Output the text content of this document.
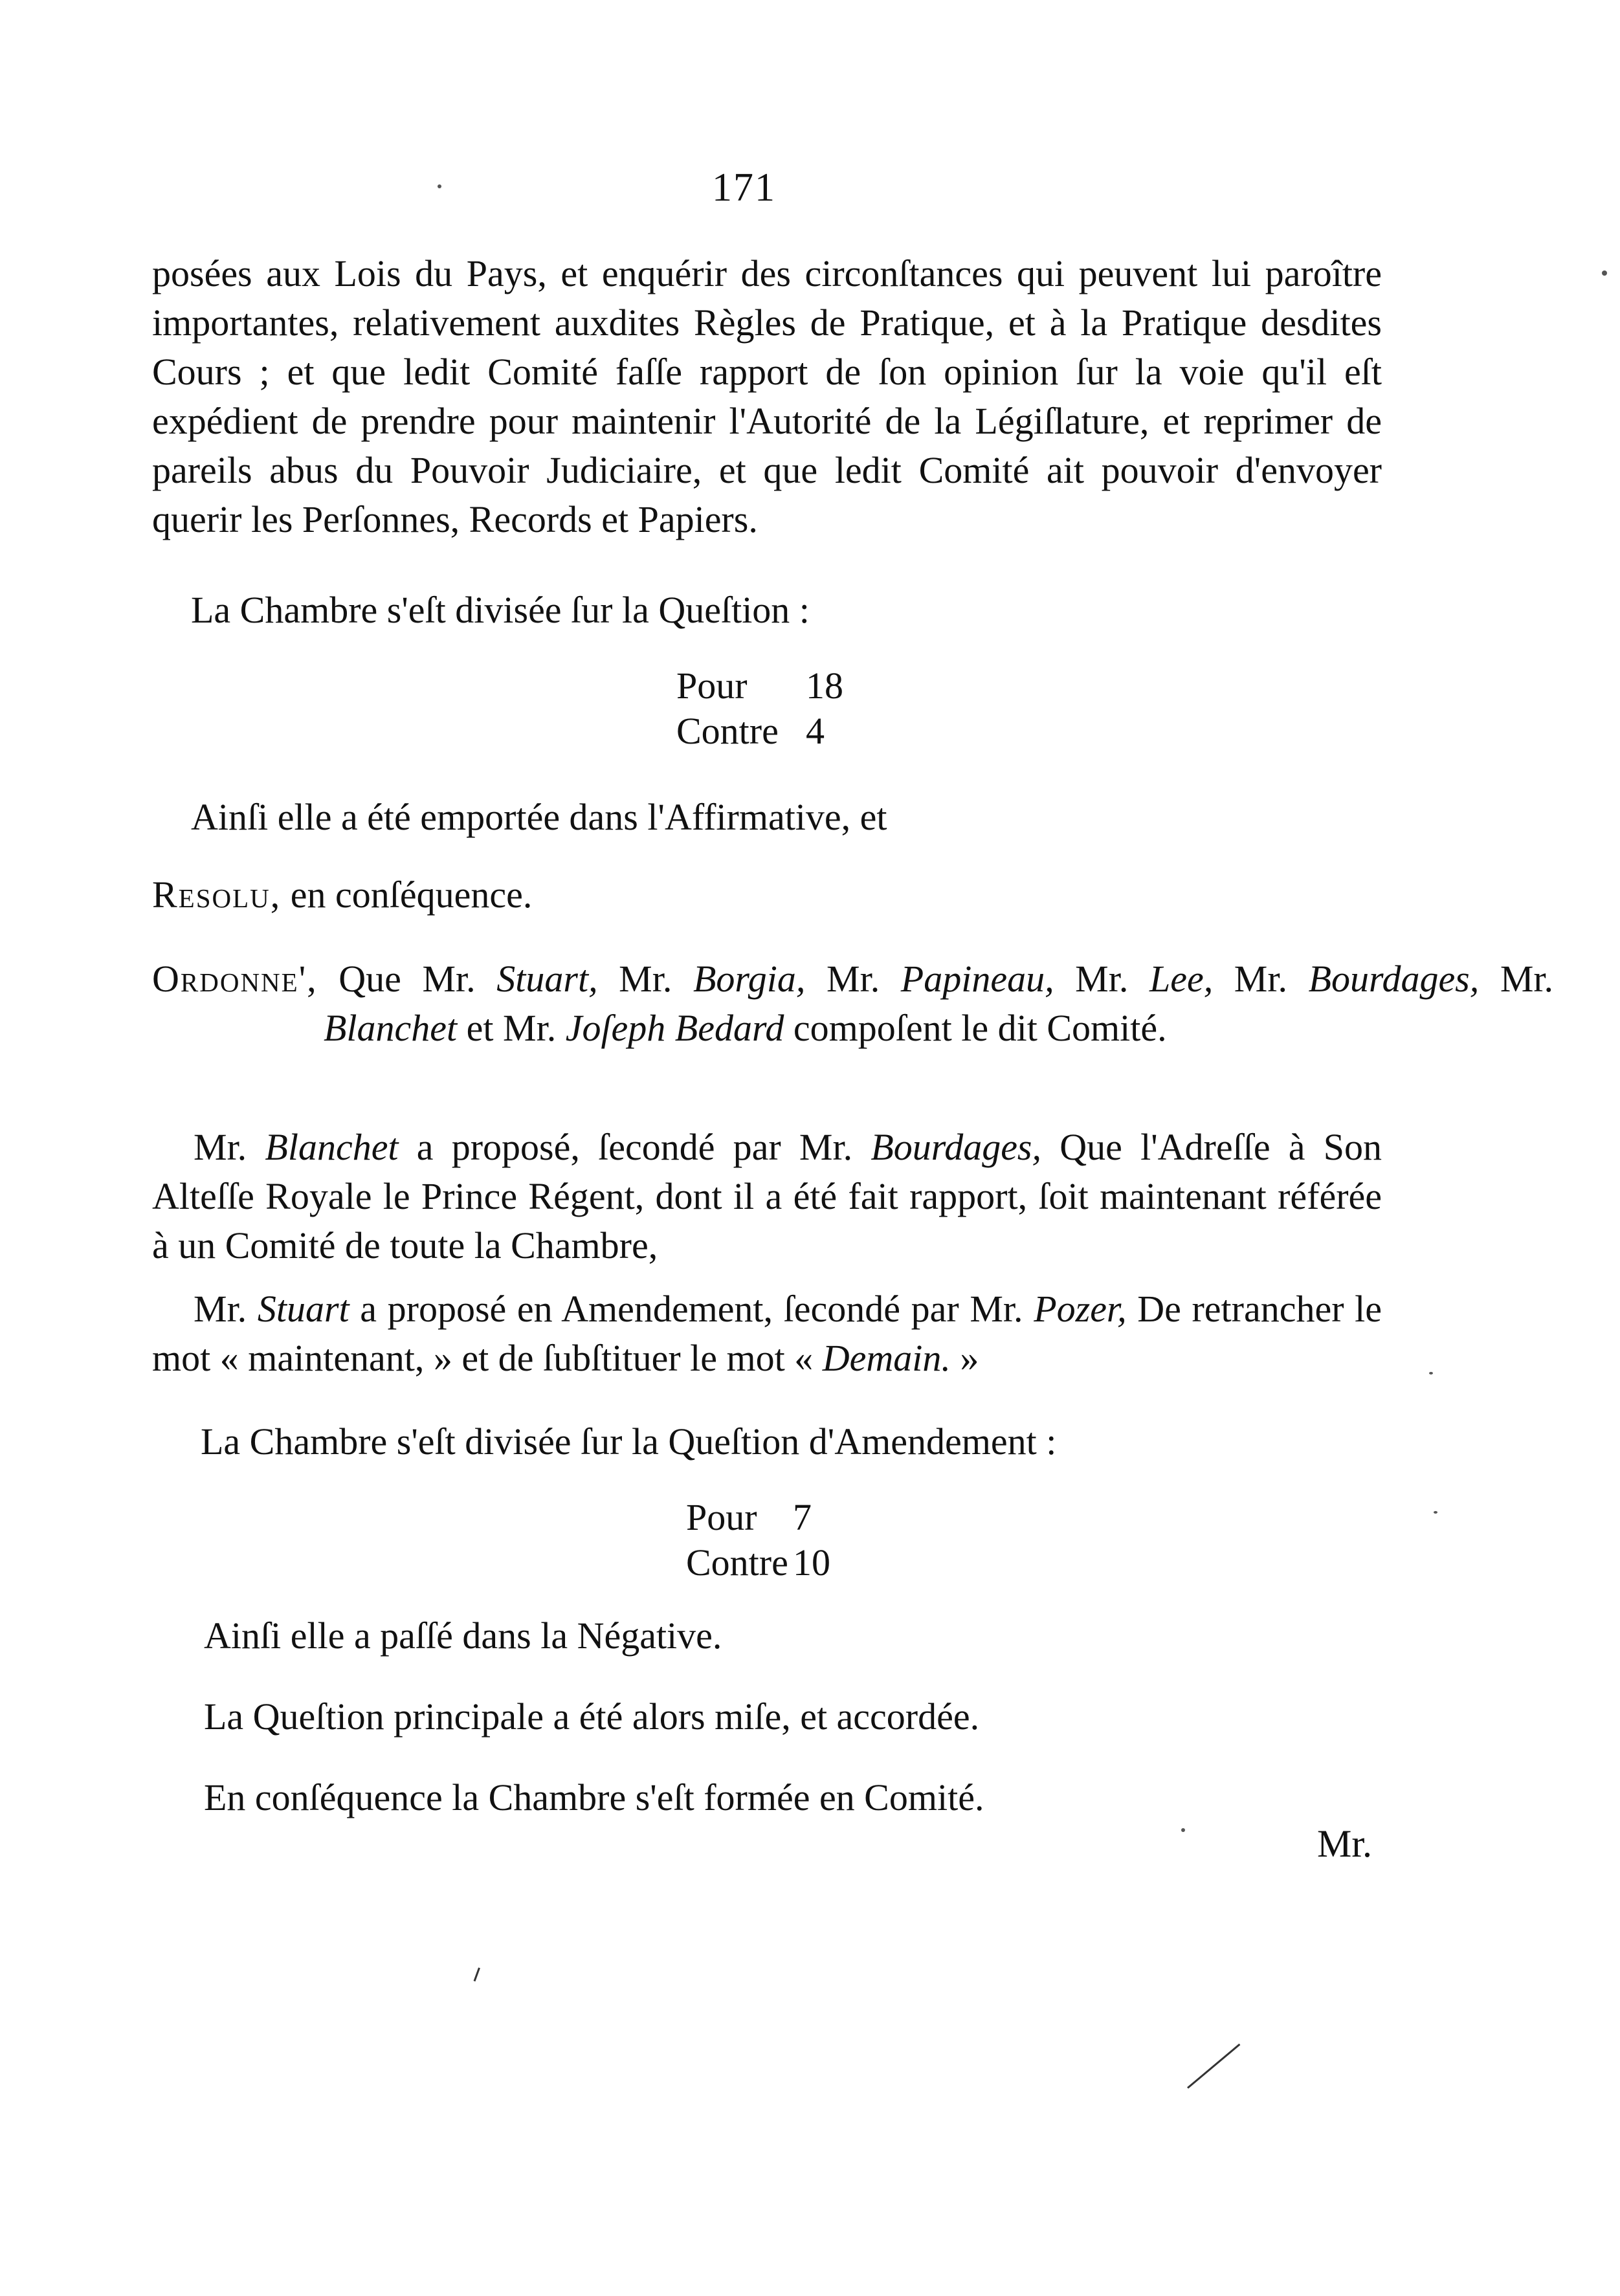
171

posées aux Lois du Pays, et enquérir des circonſtances qui peuvent lui paroître importantes, relativement auxdites Règles de Pratique, et à la Pratique desdites Cours ; et que ledit Comité faſſe rapport de ſon opinion ſur la voie qu'il eſt expédient de prendre pour maintenir l'Autorité de la Légiſlature, et reprimer de pareils abus du Pouvoir Judiciaire, et que ledit Comité ait pouvoir d'envoyer querir les Perſonnes, Records et Papiers.

La Chambre s'eſt divisée ſur la Queſtion :

Pour 18
Contre 4

Ainſi elle a été emportée dans l'Affirmative, et

Resolu, en conſéquence.

Ordonne', Que Mr. Stuart, Mr. Borgia, Mr. Papineau, Mr. Lee, Mr. Bourdages, Mr. Blanchet et Mr. Joſeph Bedard compoſent le dit Comité.

Mr. Blanchet a proposé, ſecondé par Mr. Bourdages, Que l'Adreſſe à Son Alteſſe Royale le Prince Régent, dont il a été fait rapport, ſoit maintenant référée à un Comité de toute la Chambre,

Mr. Stuart a proposé en Amendement, ſecondé par Mr. Pozer, De retrancher le mot « maintenant, » et de ſubſtituer le mot « Demain. »

La Chambre s'eſt divisée ſur la Queſtion d'Amendement :

Pour 7
Contre 10

Ainſi elle a paſſé dans la Négative.

La Queſtion principale a été alors miſe, et accordée.

En conſéquence la Chambre s'eſt formée en Comité.

Mr.
